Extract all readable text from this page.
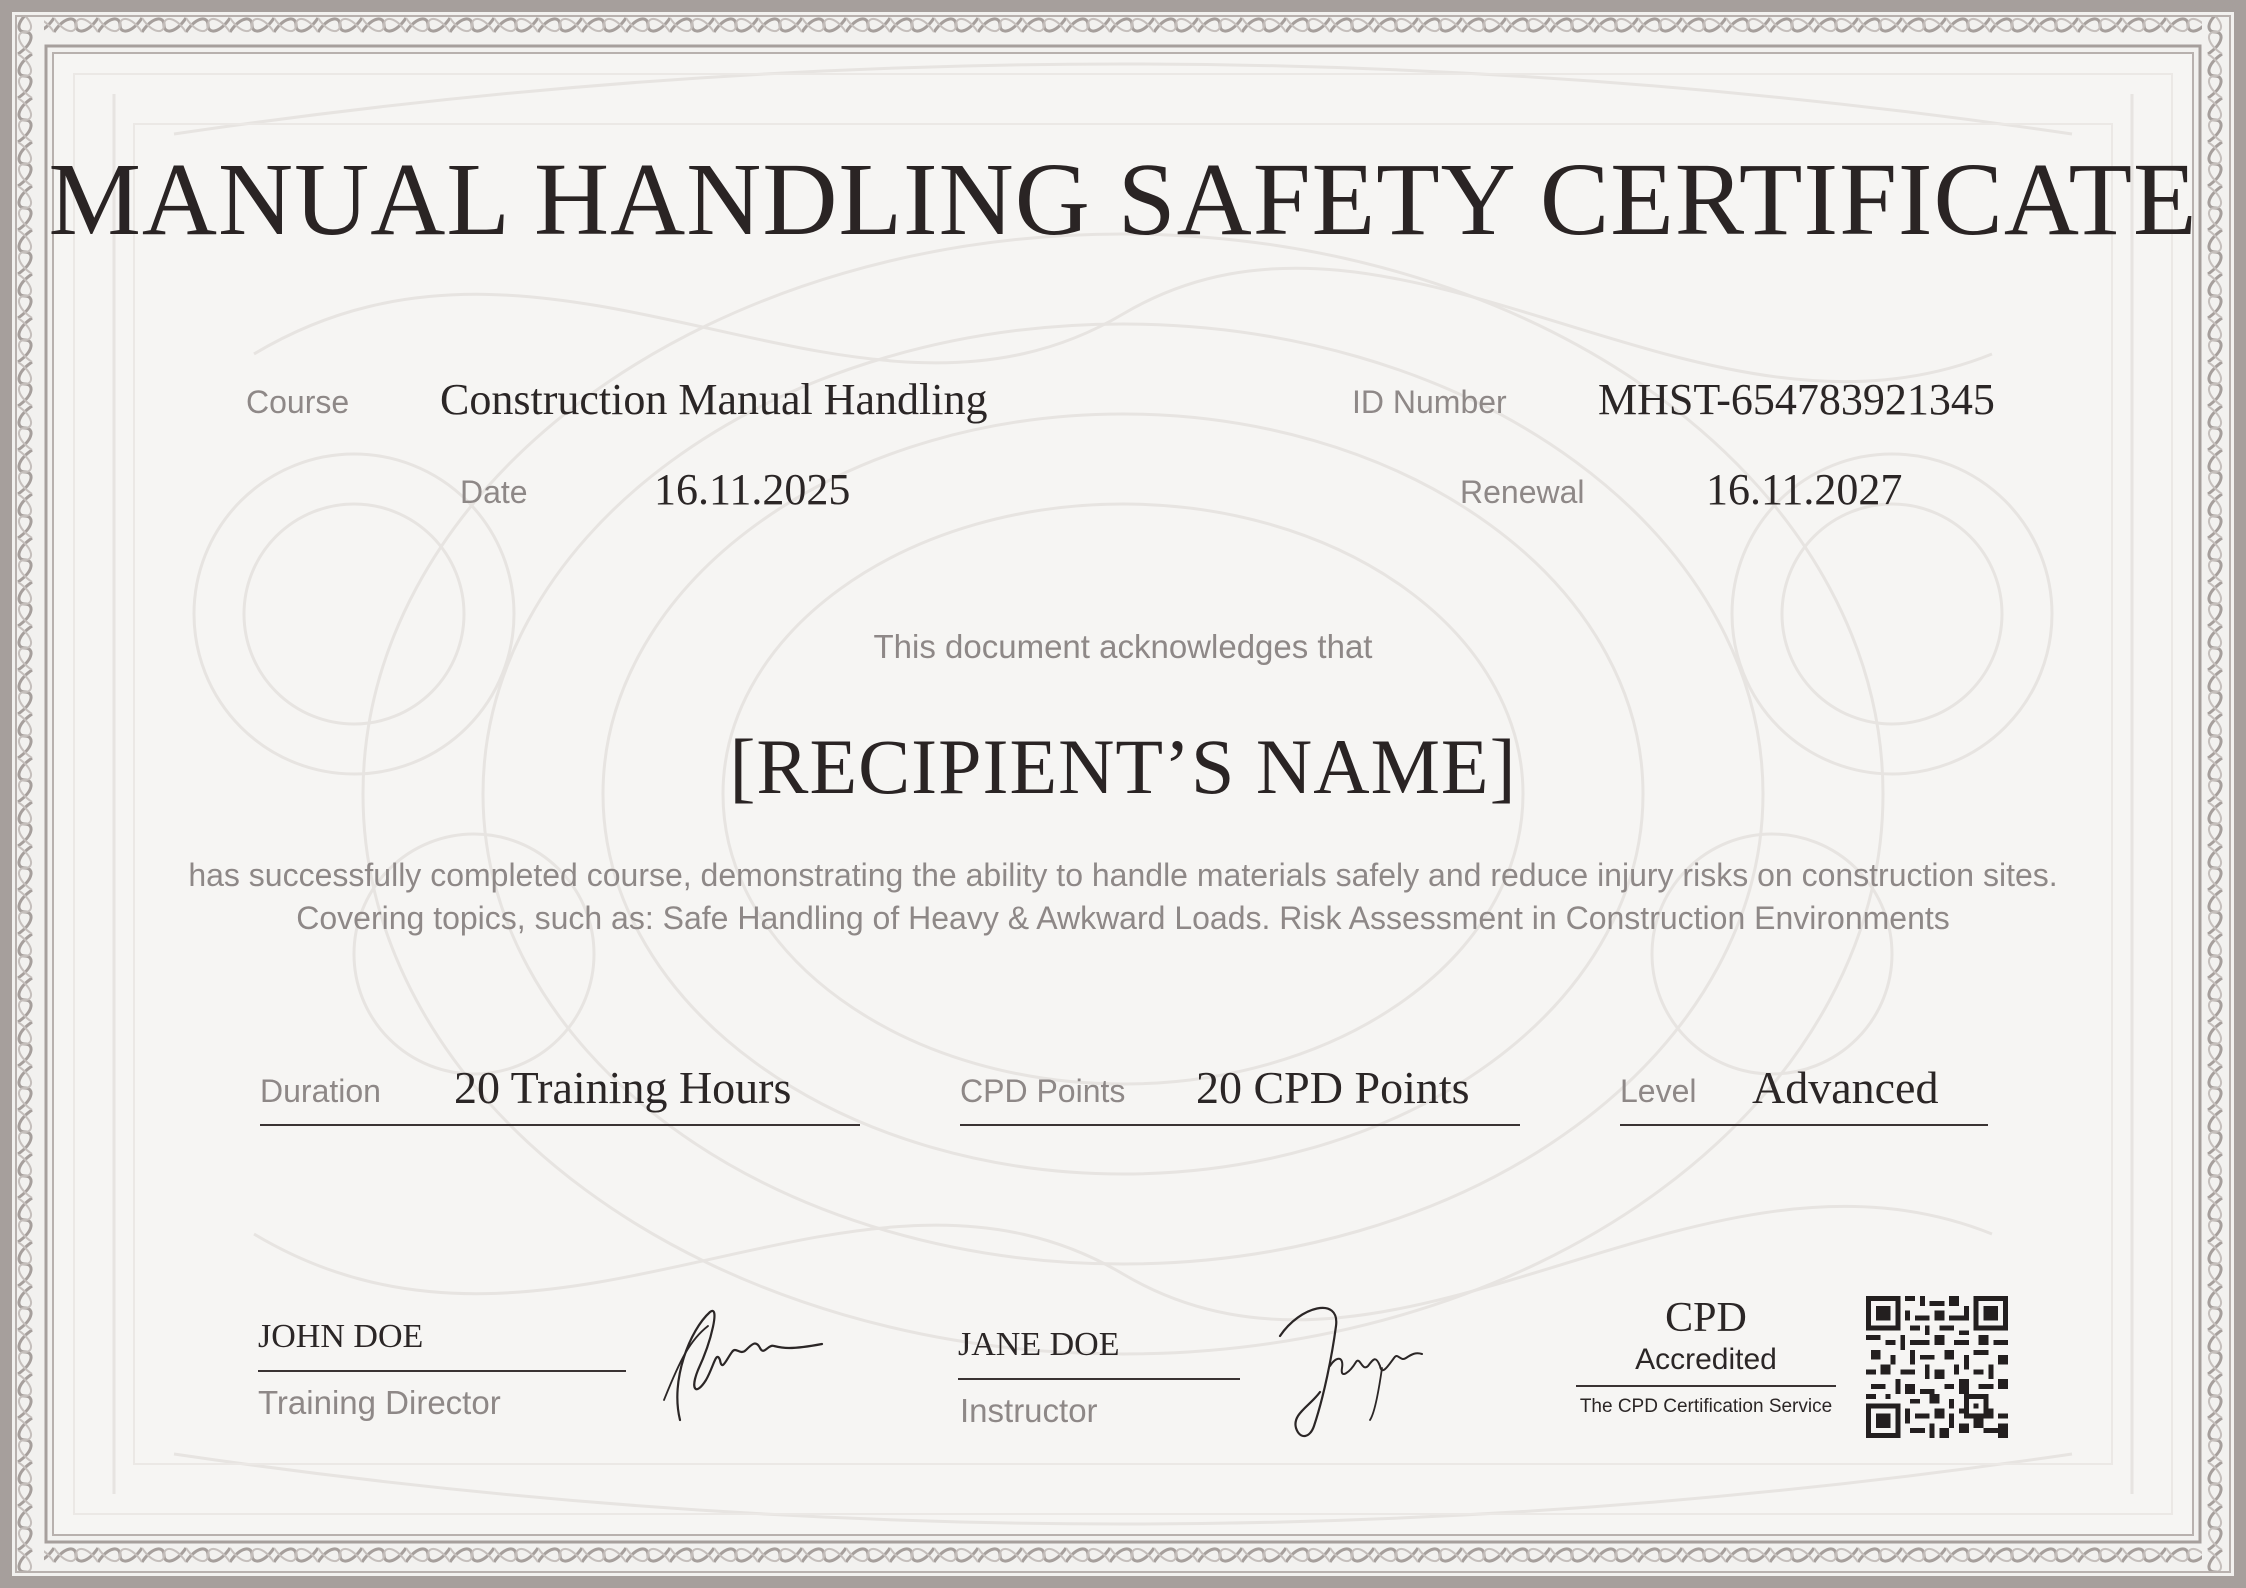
MANUAL HANDLING SAFETY CERTIFICATE
Course Construction Manual Handling	ID Number MHST-654783921345
Date	16.11.2025	Renewal	16.11.2027
This document acknowledges that
[RECIPIENT’S NAME]
has successfully completed course, demonstrating the ability to handle materials safely and reduce injury risks on construction sites. Covering topics, such as: Safe Handling of Heavy & Awkward Loads. Risk Assessment in Construction Environments
Duration 20 Training Hours	CPD Points 20 CPD Points	Level Advanced
JOHN DOE
Training Director
JANE DOE
Instructor
CPD
Accredited
The CPD Certification Service
